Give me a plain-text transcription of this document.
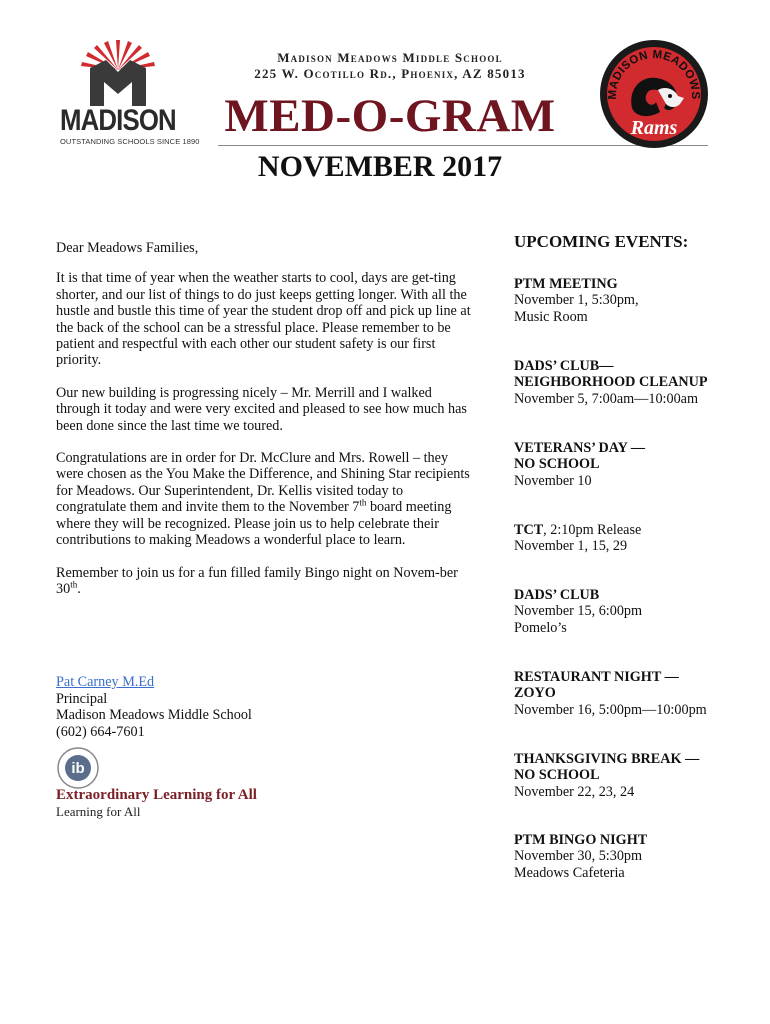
MADISON
OUTSTANDING SCHOOLS SINCE 1890
Madison Meadows Middle School
225 W. Ocotillo Rd., Phoenix, AZ 85013
MED-O-GRAM
NOVEMBER 2017
MADISON MEADOWS
Rams

Dear Meadows Families,

It is that time of year when the weather starts to cool, days are get-ting shorter, and our list of things to do just keeps getting longer. With all the hustle and bustle this time of year the student drop off and pick up line at the back of the school can be a stressful place. Please remember to be patient and respectful with each other our student safety is our first priority.

Our new building is progressing nicely – Mr. Merrill and I walked through it today and were very excited and pleased to see how much has been done since the last time we toured.

Congratulations are in order for Dr. McClure and Mrs. Rowell – they were chosen as the You Make the Difference, and Shining Star recipients for Meadows. Our Superintendent, Dr. Kellis visited today to congratulate them and invite them to the November 7th board meeting where they will be recognized. Please join us to help celebrate their contributions to making Meadows a wonderful place to learn.

Remember to join us for a fun filled family Bingo night on Novem-ber 30th.

Pat Carney M.Ed
Principal
Madison Meadows Middle School
(602) 664-7601
ib
Extraordinary Learning for All
Learning for All
UPCOMING EVENTS:
PTM MEETING
November 1, 5:30pm,
Music Room
DADS’ CLUB—
NEIGHBORHOOD CLEANUP
November 5, 7:00am—10:00am
VETERANS’ DAY —
NO SCHOOL
November 10
TCT, 2:10pm Release
November 1, 15, 29
DADS’ CLUB
November 15, 6:00pm
Pomelo’s
RESTAURANT NIGHT —
ZOYO
November 16, 5:00pm—10:00pm
THANKSGIVING BREAK —
NO SCHOOL
November 22, 23, 24
PTM BINGO NIGHT
November 30, 5:30pm
Meadows Cafeteria
